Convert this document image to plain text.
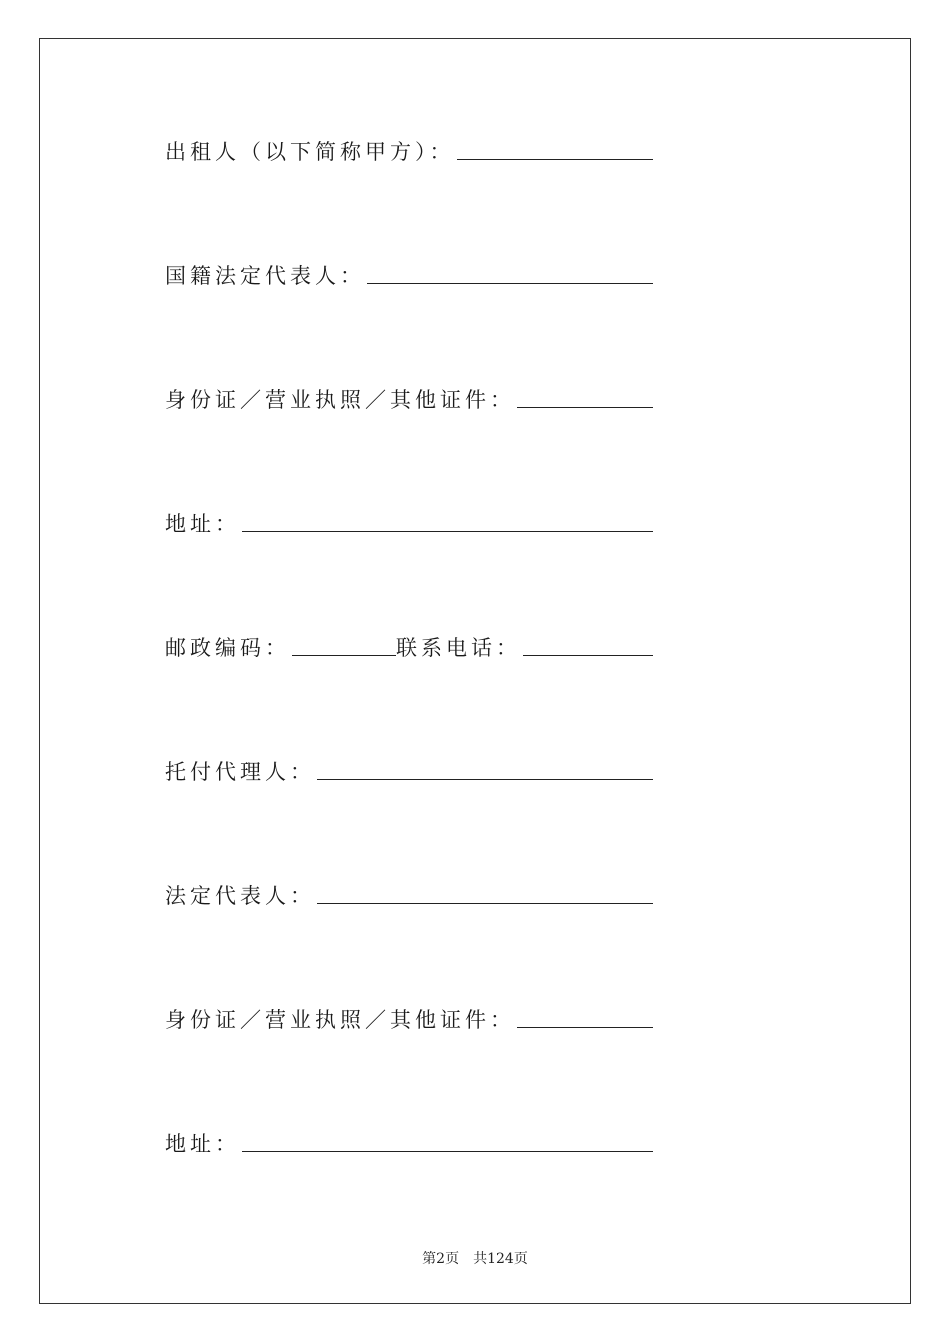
出租人（以下简称甲方）：
国籍法定代表人：
身份证／营业执照／其他证件：
地址：
邮政编码：	联系电话：
托付代理人：
法定代表人：
身份证／营业执照／其他证件：
地址：
第2页 共124页
